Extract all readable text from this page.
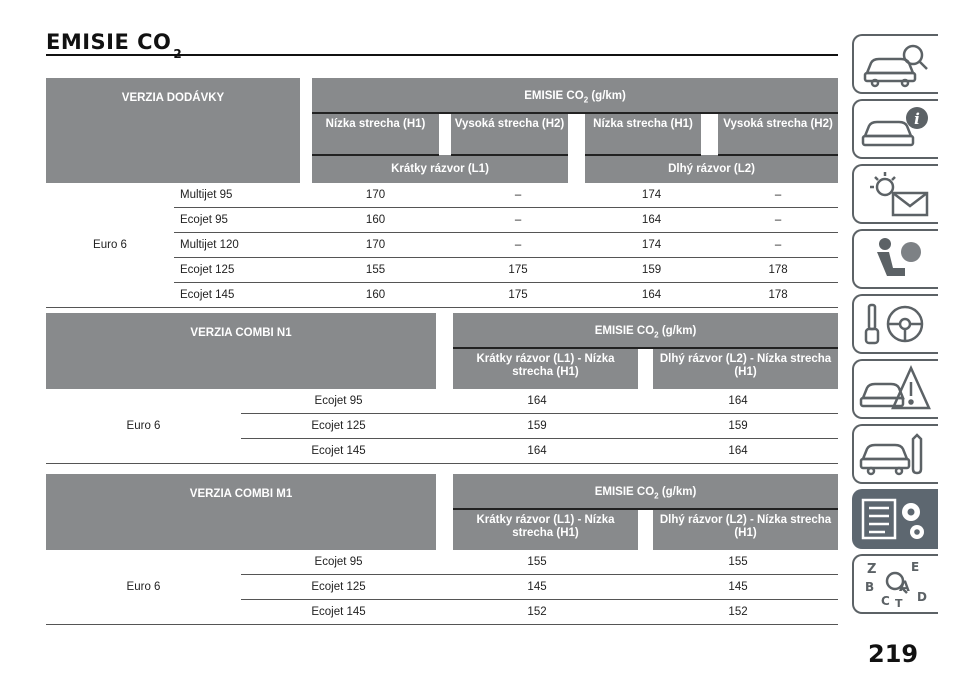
EMISIE CO
VERZIA DODÁVKY			EMISIE $CO_2$ (g/km)						
			Nízka strecha (H1)		Vysoká strecha (H2)		Nízka strecha (H1)		Vysoká strecha (H2)
			Krátky rázvor (L1)				Dlhý rázvor (L2)		
Euro 6	Multijet 95	170			–		174		–
	Ecojet 95	160			–		164		–
	Multijet 120	170			–		174		–
	Ecojet 125	155			175		159		178
	Ecojet 145	160			175		164		178
VERZIA COMBI N1			EMISIE $CO_2$ (g/km)		
			Krátky rázvor (L1) - Nízka strecha (H1)		Dlhý rázvor (L2) - Nízka strecha (H1)
Euro 6	Ecojet 95	164		164	
	Ecojet 125	159		159	
	Ecojet 145	164		164	
VERZIA COMBI M1			EMISIE $CO_2$ (g/km)		
			Krátky rázvor (L1) - Nízka strecha (H1)		Dlhý rázvor (L2) - Nízka strecha (H1)
Euro 6	Ecojet 95	155		155	
	Ecojet 125	145		145	
	Ecojet 145	152		152	
i
Z	E
B
C
A
D
T
219
